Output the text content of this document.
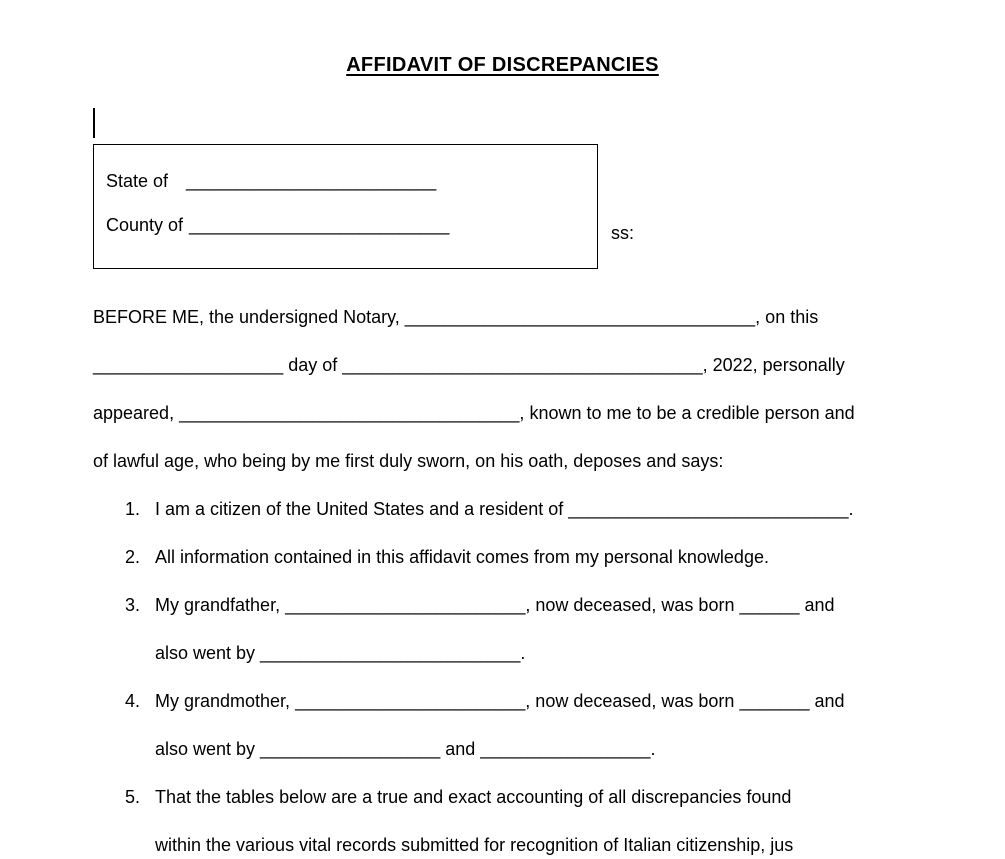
AFFIDAVIT OF DISCREPANCIES

State of _________________________

County of __________________________	ss:
BEFORE ME, the undersigned Notary, ___________________________________, on this
___________________ day of ____________________________________, 2022, personally
appeared, __________________________________, known to me to be a credible person and
of lawful age, who being by me first duly sworn, on his oath, deposes and says:
1. I am a citizen of the United States and a resident of ____________________________.
2. All information contained in this affidavit comes from my personal knowledge.
3. My grandfather, ________________________, now deceased, was born ______ and
also went by __________________________.
4. My grandmother, _______________________, now deceased, was born _______ and
also went by __________________ and _________________.
5. That the tables below are a true and exact accounting of all discrepancies found
within the various vital records submitted for recognition of Italian citizenship, jus
